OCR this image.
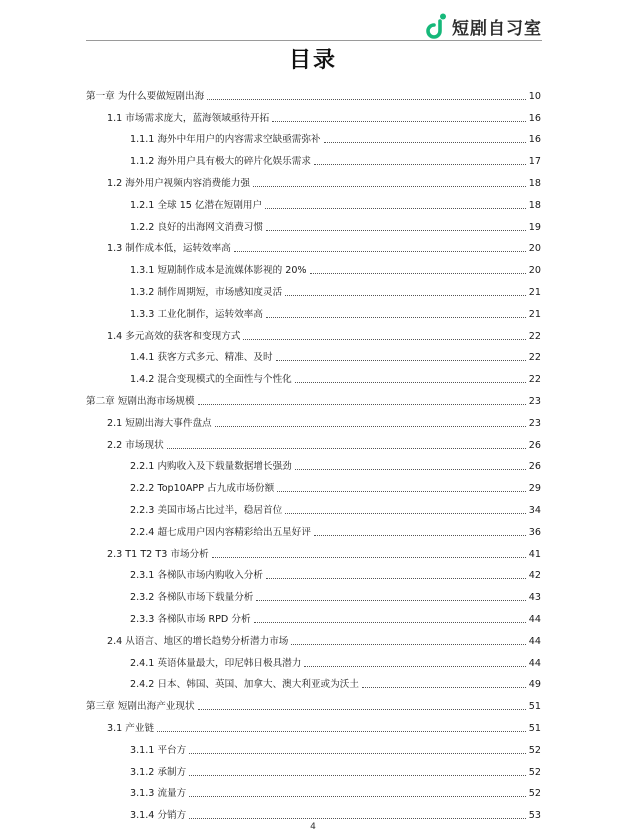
短剧自习室
目录
第一章 为什么要做短剧出海	10
1.1 市场需求庞大，蓝海领域亟待开拓	16
1.1.1 海外中年用户的内容需求空缺亟需弥补	16
1.1.2 海外用户具有极大的碎片化娱乐需求	17
1.2 海外用户视频内容消费能力强	18
1.2.1 全球 15 亿潜在短剧用户	18
1.2.2 良好的出海网文消费习惯	19
1.3 制作成本低，运转效率高	20
1.3.1 短剧制作成本是流媒体影视的 20%	20
1.3.2 制作周期短，市场感知度灵活	21
1.3.3 工业化制作，运转效率高	21
1.4 多元高效的获客和变现方式	22
1.4.1 获客方式多元、精准、及时	22
1.4.2 混合变现模式的全面性与个性化	22
第二章 短剧出海市场规模	23
2.1 短剧出海大事件盘点	23
2.2 市场现状	26
2.2.1 内购收入及下载量数据增长强劲	26
2.2.2 Top10APP 占九成市场份额	29
2.2.3 美国市场占比过半，稳居首位	34
2.2.4 超七成用户因内容精彩给出五星好评	36
2.3 T1 T2 T3 市场分析	41
2.3.1 各梯队市场内购收入分析	42
2.3.2 各梯队市场下载量分析	43
2.3.3 各梯队市场 RPD 分析	44
2.4 从语言、地区的增长趋势分析潜力市场	44
2.4.1 英语体量最大，印尼韩日极具潜力	44
2.4.2 日本、韩国、英国、加拿大、澳大利亚或为沃土	49
第三章 短剧出海产业现状	51
3.1 产业链	51
3.1.1 平台方	52
3.1.2 承制方	52
3.1.3 流量方	52
3.1.4 分销方	53
4
